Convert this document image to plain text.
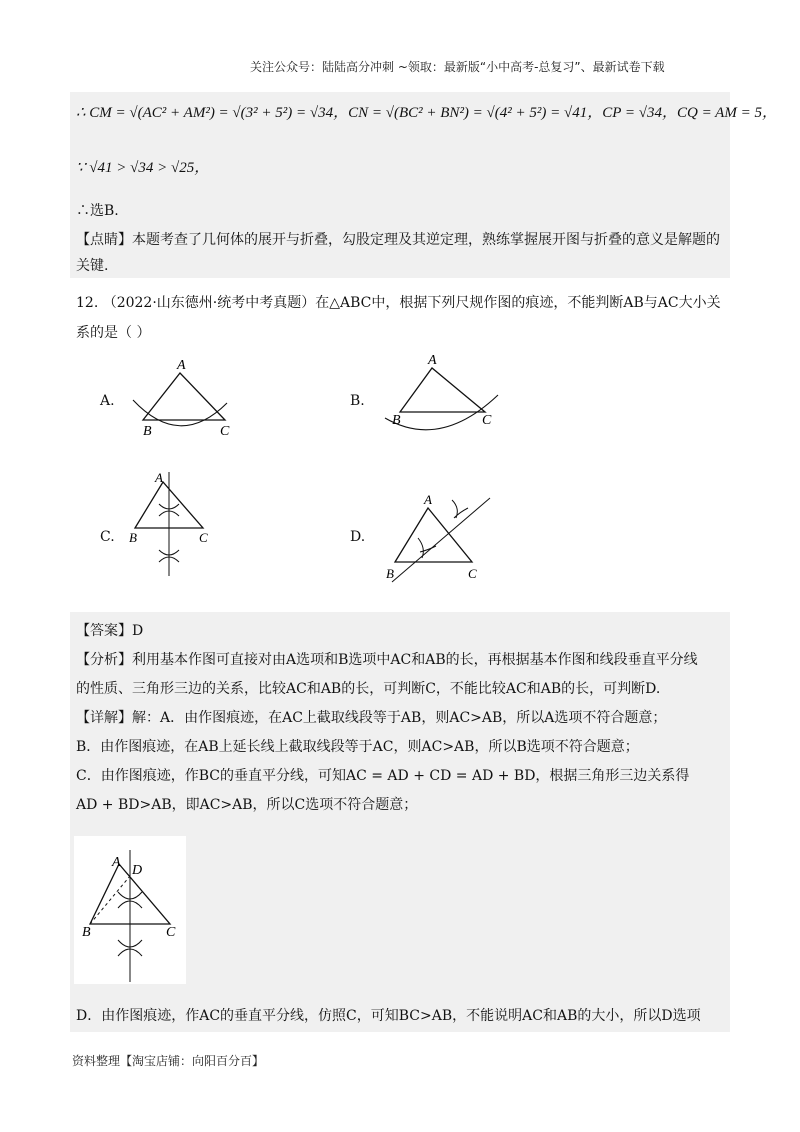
关注公众号：陆陆高分冲刺 ~领取：最新版“小中高考-总复习”、最新试卷下载
∴ CM = √(AC² + AM²) = √(3² + 5²) = √34，CN = √(BC² + BN²) = √(4² + 5²) = √41，CP = √34，CQ = AM = 5，
∵ √41 > √34 > √25，
∴选B.
【点睛】本题考查了几何体的展开与折叠，勾股定理及其逆定理，熟练掌握展开图与折叠的意义是解题的
关键.
12. （2022·山东德州·统考中考真题）在△ABC中，根据下列尺规作图的痕迹，不能判断AB与AC大小关
系的是（ ）
A.	B.
C.	D.
A
B	C
A
B	C
A
B	C
A
B	C
【答案】D
【分析】利用基本作图可直接对由A选项和B选项中AC和AB的长，再根据基本作图和线段垂直平分线
的性质、三角形三边的关系，比较AC和AB的长，可判断C，不能比较AC和AB的长，可判断D.
【详解】解：A．由作图痕迹，在AC上截取线段等于AB，则AC>AB，所以A选项不符合题意；
B．由作图痕迹，在AB上延长线上截取线段等于AC，则AC>AB，所以B选项不符合题意；
C．由作图痕迹，作BC的垂直平分线，可知AC = AD + CD = AD + BD，根据三角形三边关系得
AD + BD>AB，即AC>AB，所以C选项不符合题意；
A
D
B	C
D．由作图痕迹，作AC的垂直平分线，仿照C，可知BC>AB，不能说明AC和AB的大小，所以D选项
资料整理【淘宝店铺：向阳百分百】
